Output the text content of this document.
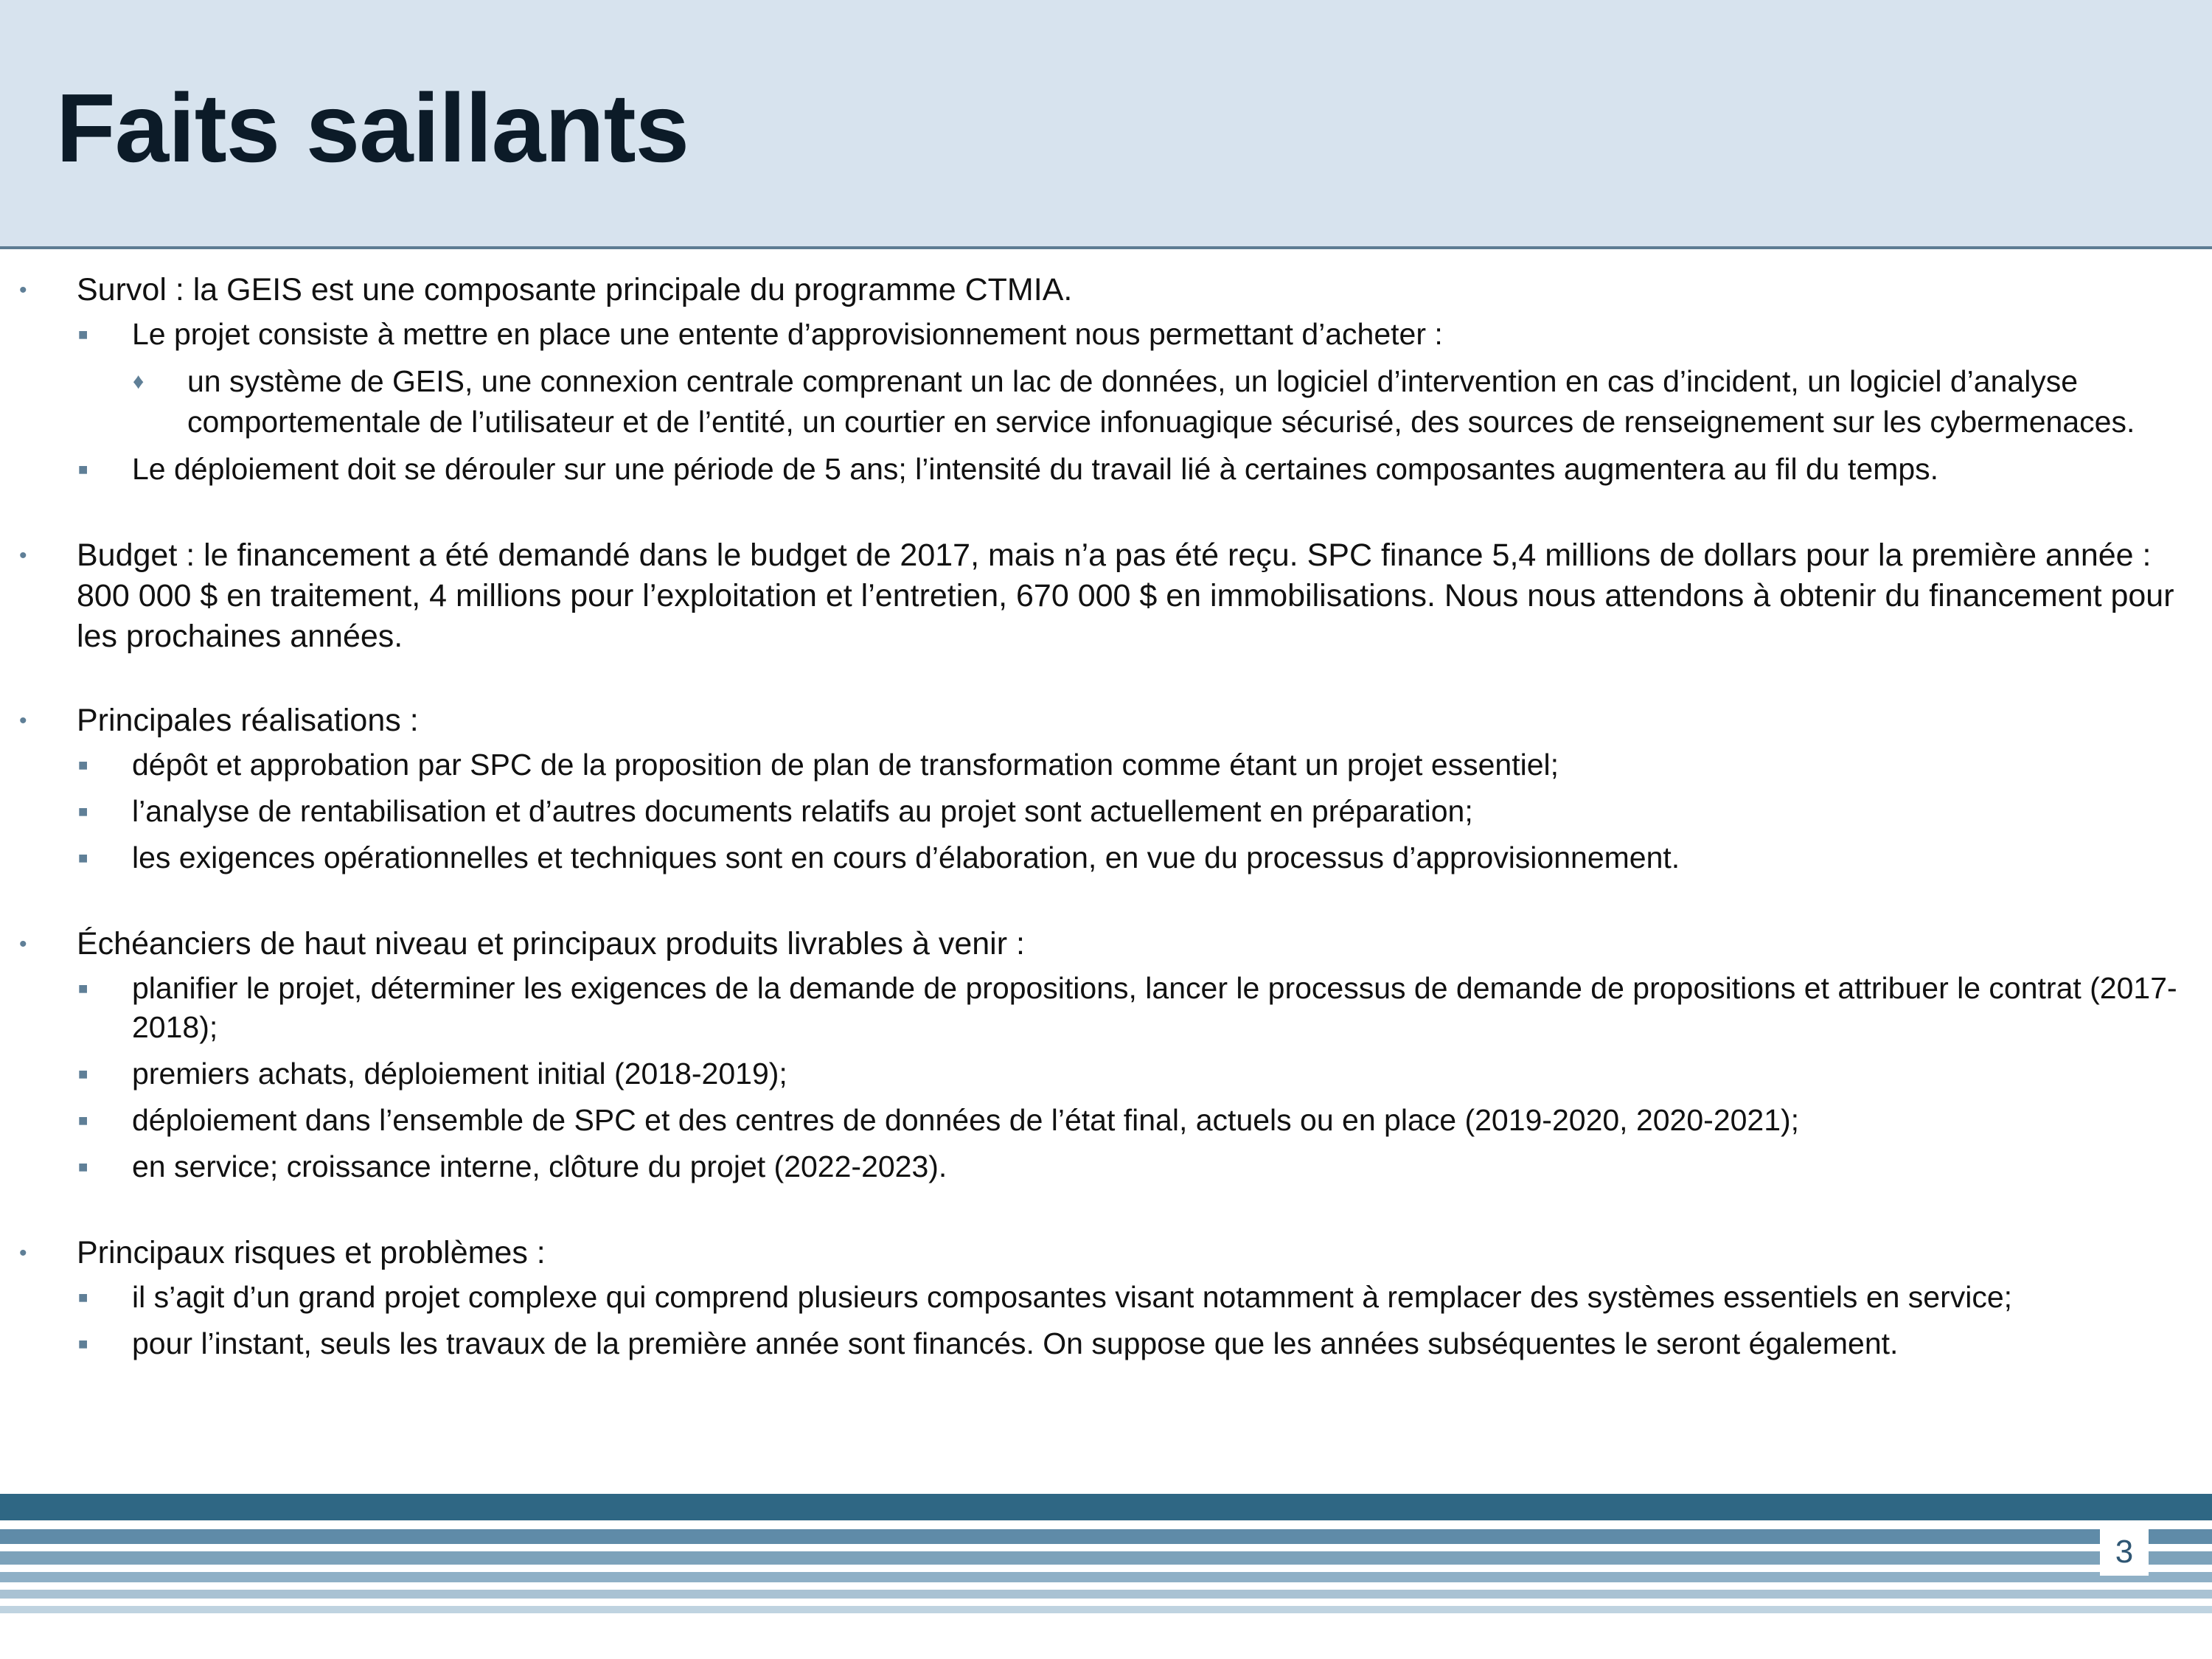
Faits saillants
• Survol : la GEIS est une composante principale du programme CTMIA.
■ Le projet consiste à mettre en place une entente d’approvisionnement nous permettant d’acheter :
♦ un système de GEIS, une connexion centrale comprenant un lac de données, un logiciel d’intervention en cas d’incident, un logiciel d’analyse comportementale de l’utilisateur et de l’entité, un courtier en service infonuagique sécurisé, des sources de renseignement sur les cybermenaces.
■ Le déploiement doit se dérouler sur une période de 5 ans; l’intensité du travail lié à certaines composantes augmentera au fil du temps.
• Budget : le financement a été demandé dans le budget de 2017, mais n’a pas été reçu. SPC finance 5,4 millions de dollars pour la première année : 800 000 $ en traitement, 4 millions pour l’exploitation et l’entretien, 670 000 $ en immobilisations. Nous nous attendons à obtenir du financement pour les prochaines années.
• Principales réalisations :
■ dépôt et approbation par SPC de la proposition de plan de transformation comme étant un projet essentiel;
■ l’analyse de rentabilisation et d’autres documents relatifs au projet sont actuellement en préparation;
■ les exigences opérationnelles et techniques sont en cours d’élaboration, en vue du processus d’approvisionnement.
• Échéanciers de haut niveau et principaux produits livrables à venir :
■ planifier le projet, déterminer les exigences de la demande de propositions, lancer le processus de demande de propositions et attribuer le contrat (2017-2018);
■ premiers achats, déploiement initial (2018-2019);
■ déploiement dans l’ensemble de SPC et des centres de données de l’état final, actuels ou en place (2019-2020, 2020-2021);
■ en service; croissance interne, clôture du projet (2022-2023).
• Principaux risques et problèmes :
■ il s’agit d’un grand projet complexe qui comprend plusieurs composantes visant notamment à remplacer des systèmes essentiels en service;
■ pour l’instant, seuls les travaux de la première année sont financés. On suppose que les années subséquentes le seront également.
3
